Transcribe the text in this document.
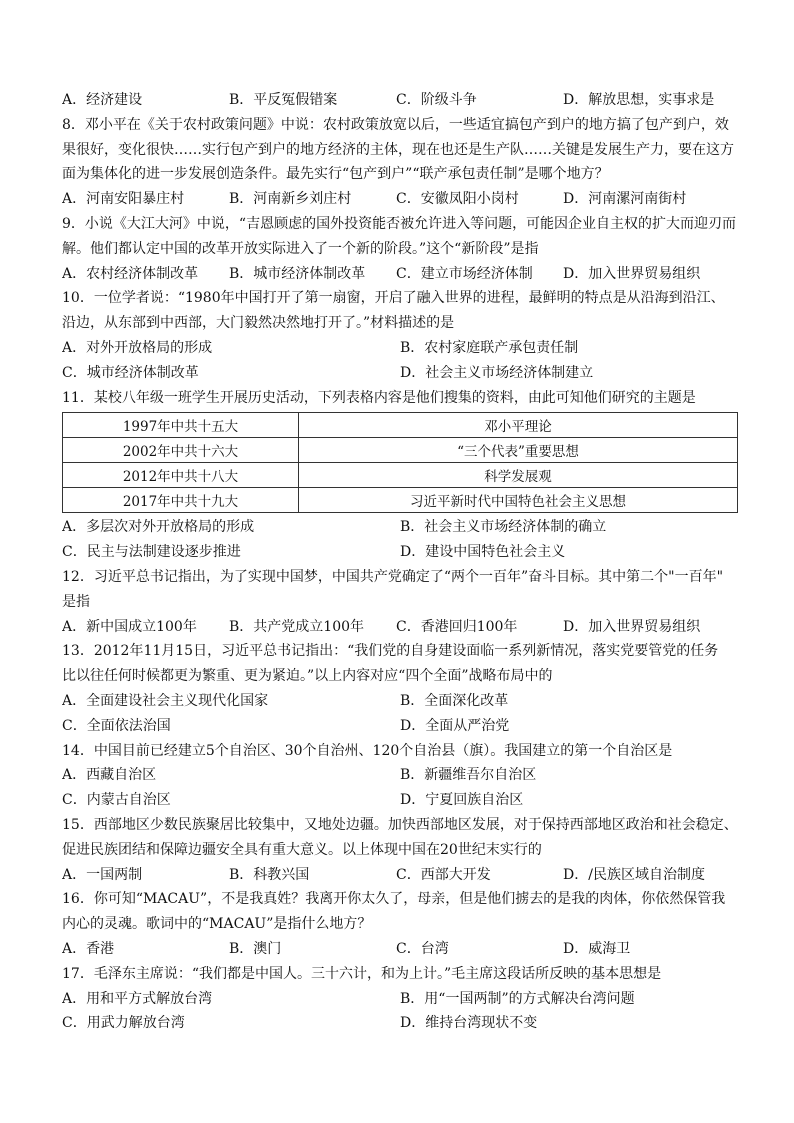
A．经济建设	B．平反冤假错案	C．阶级斗争	D．解放思想，实事求是
8．邓小平在《关于农村政策问题》中说：农村政策放宽以后，一些适宜搞包产到户的地方搞了包产到户，效
果很好，变化很快……实行包产到户的地方经济的主体，现在也还是生产队……关键是发展生产力，要在这方
面为集体化的进一步发展创造条件。最先实行“包产到户”“联产承包责任制”是哪个地方？
A．河南安阳暴庄村	B．河南新乡刘庄村	C．安徽凤阳小岗村	D．河南漯河南街村
9．小说《大江大河》中说，“吉恩顾虑的国外投资能否被允许进入等问题，可能因企业自主权的扩大而迎刃而
解。他们都认定中国的改革开放实际进入了一个新的阶段。”这个“新阶段”是指
A．农村经济体制改革	B．城市经济体制改革	C．建立市场经济体制	D．加入世界贸易组织
10．一位学者说：“1980年中国打开了第一扇窗，开启了融入世界的进程，最鲜明的特点是从沿海到沿江、
沿边，从东部到中西部，大门毅然决然地打开了。”材料描述的是
A．对外开放格局的形成	B．农村家庭联产承包责任制
C．城市经济体制改革	D．社会主义市场经济体制建立
11．某校八年级一班学生开展历史活动，下列表格内容是他们搜集的资料，由此可知他们研究的主题是
1997年中共十五大	邓小平理论
2002年中共十六大	“三个代表”重要思想
2012年中共十八大	科学发展观
2017年中共十九大	习近平新时代中国特色社会主义思想
A．多层次对外开放格局的形成	B．社会主义市场经济体制的确立
C．民主与法制建设逐步推进	D．建设中国特色社会主义
12．习近平总书记指出，为了实现中国梦，中国共产党确定了“两个一百年”奋斗目标。其中第二个"一百年"
是指
A．新中国成立100年	B．共产党成立100年	C．香港回归100年	D．加入世界贸易组织
13．2012年11月15日，习近平总书记指出：“我们党的自身建设面临一系列新情况，落实党要管党的任务
比以往任何时候都更为繁重、更为紧迫。”以上内容对应“四个全面”战略布局中的
A．全面建设社会主义现代化国家	B．全面深化改革
C．全面依法治国	D．全面从严治党
14．中国目前已经建立5个自治区、30个自治州、120个自治县（旗）。我国建立的第一个自治区是
A．西藏自治区	B．新疆维吾尔自治区
C．内蒙古自治区	D．宁夏回族自治区
15．西部地区少数民族聚居比较集中，又地处边疆。加快西部地区发展，对于保持西部地区政治和社会稳定、
促进民族团结和保障边疆安全具有重大意义。以上体现中国在20世纪末实行的
A．一国两制	B．科教兴国	C．西部大开发	D．/民族区域自治制度
16．你可知“MACAU”，不是我真姓？我离开你太久了，母亲，但是他们掳去的是我的肉体，你依然保管我
内心的灵魂。歌词中的“MACAU”是指什么地方？
A．香港	B．澳门	C．台湾	D．威海卫
17．毛泽东主席说：“我们都是中国人。三十六计，和为上计。”毛主席这段话所反映的基本思想是
A．用和平方式解放台湾	B．用“一国两制”的方式解决台湾问题
C．用武力解放台湾	D．维持台湾现状不变
